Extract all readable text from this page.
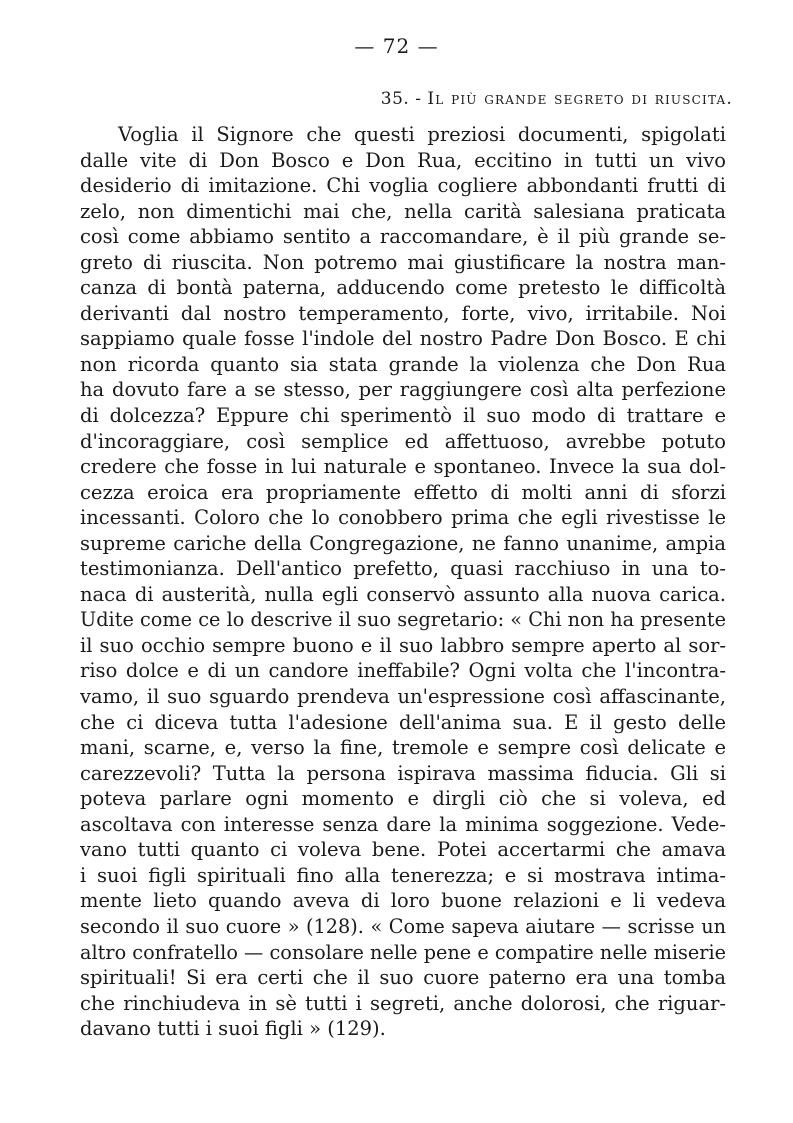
— 72 —
35. - Il più grande segreto di riuscita.
Voglia il Signore che questi preziosi documenti, spigolati
dalle vite di Don Bosco e Don Rua, eccitino in tutti un vivo
desiderio di imitazione. Chi voglia cogliere abbondanti frutti di
zelo, non dimentichi mai che, nella carità salesiana praticata
così come abbiamo sentito a raccomandare, è il più grande se-
greto di riuscita. Non potremo mai giustificare la nostra man-
canza di bontà paterna, adducendo come pretesto le difficoltà
derivanti dal nostro temperamento, forte, vivo, irritabile. Noi
sappiamo quale fosse l'indole del nostro Padre Don Bosco. E chi
non ricorda quanto sia stata grande la violenza che Don Rua
ha dovuto fare a se stesso, per raggiungere così alta perfezione
di dolcezza? Eppure chi sperimentò il suo modo di trattare e
d'incoraggiare, così semplice ed affettuoso, avrebbe potuto
credere che fosse in lui naturale e spontaneo. Invece la sua dol-
cezza eroica era propriamente effetto di molti anni di sforzi
incessanti. Coloro che lo conobbero prima che egli rivestisse le
supreme cariche della Congregazione, ne fanno unanime, ampia
testimonianza. Dell'antico prefetto, quasi racchiuso in una to-
naca di austerità, nulla egli conservò assunto alla nuova carica.
Udite come ce lo descrive il suo segretario: « Chi non ha presente
il suo occhio sempre buono e il suo labbro sempre aperto al sor-
riso dolce e di un candore ineffabile? Ogni volta che l'incontra-
vamo, il suo sguardo prendeva un'espressione così affascinante,
che ci diceva tutta l'adesione dell'anima sua. E il gesto delle
mani, scarne, e, verso la fine, tremole e sempre così delicate e
carezzevoli? Tutta la persona ispirava massima fiducia. Gli si
poteva parlare ogni momento e dirgli ciò che si voleva, ed
ascoltava con interesse senza dare la minima soggezione. Vede-
vano tutti quanto ci voleva bene. Potei accertarmi che amava
i suoi figli spirituali fino alla tenerezza; e si mostrava intima-
mente lieto quando aveva di loro buone relazioni e li vedeva
secondo il suo cuore » (128). « Come sapeva aiutare — scrisse un
altro confratello — consolare nelle pene e compatire nelle miserie
spirituali! Si era certi che il suo cuore paterno era una tomba
che rinchiudeva in sè tutti i segreti, anche dolorosi, che riguar-
davano tutti i suoi figli » (129).
